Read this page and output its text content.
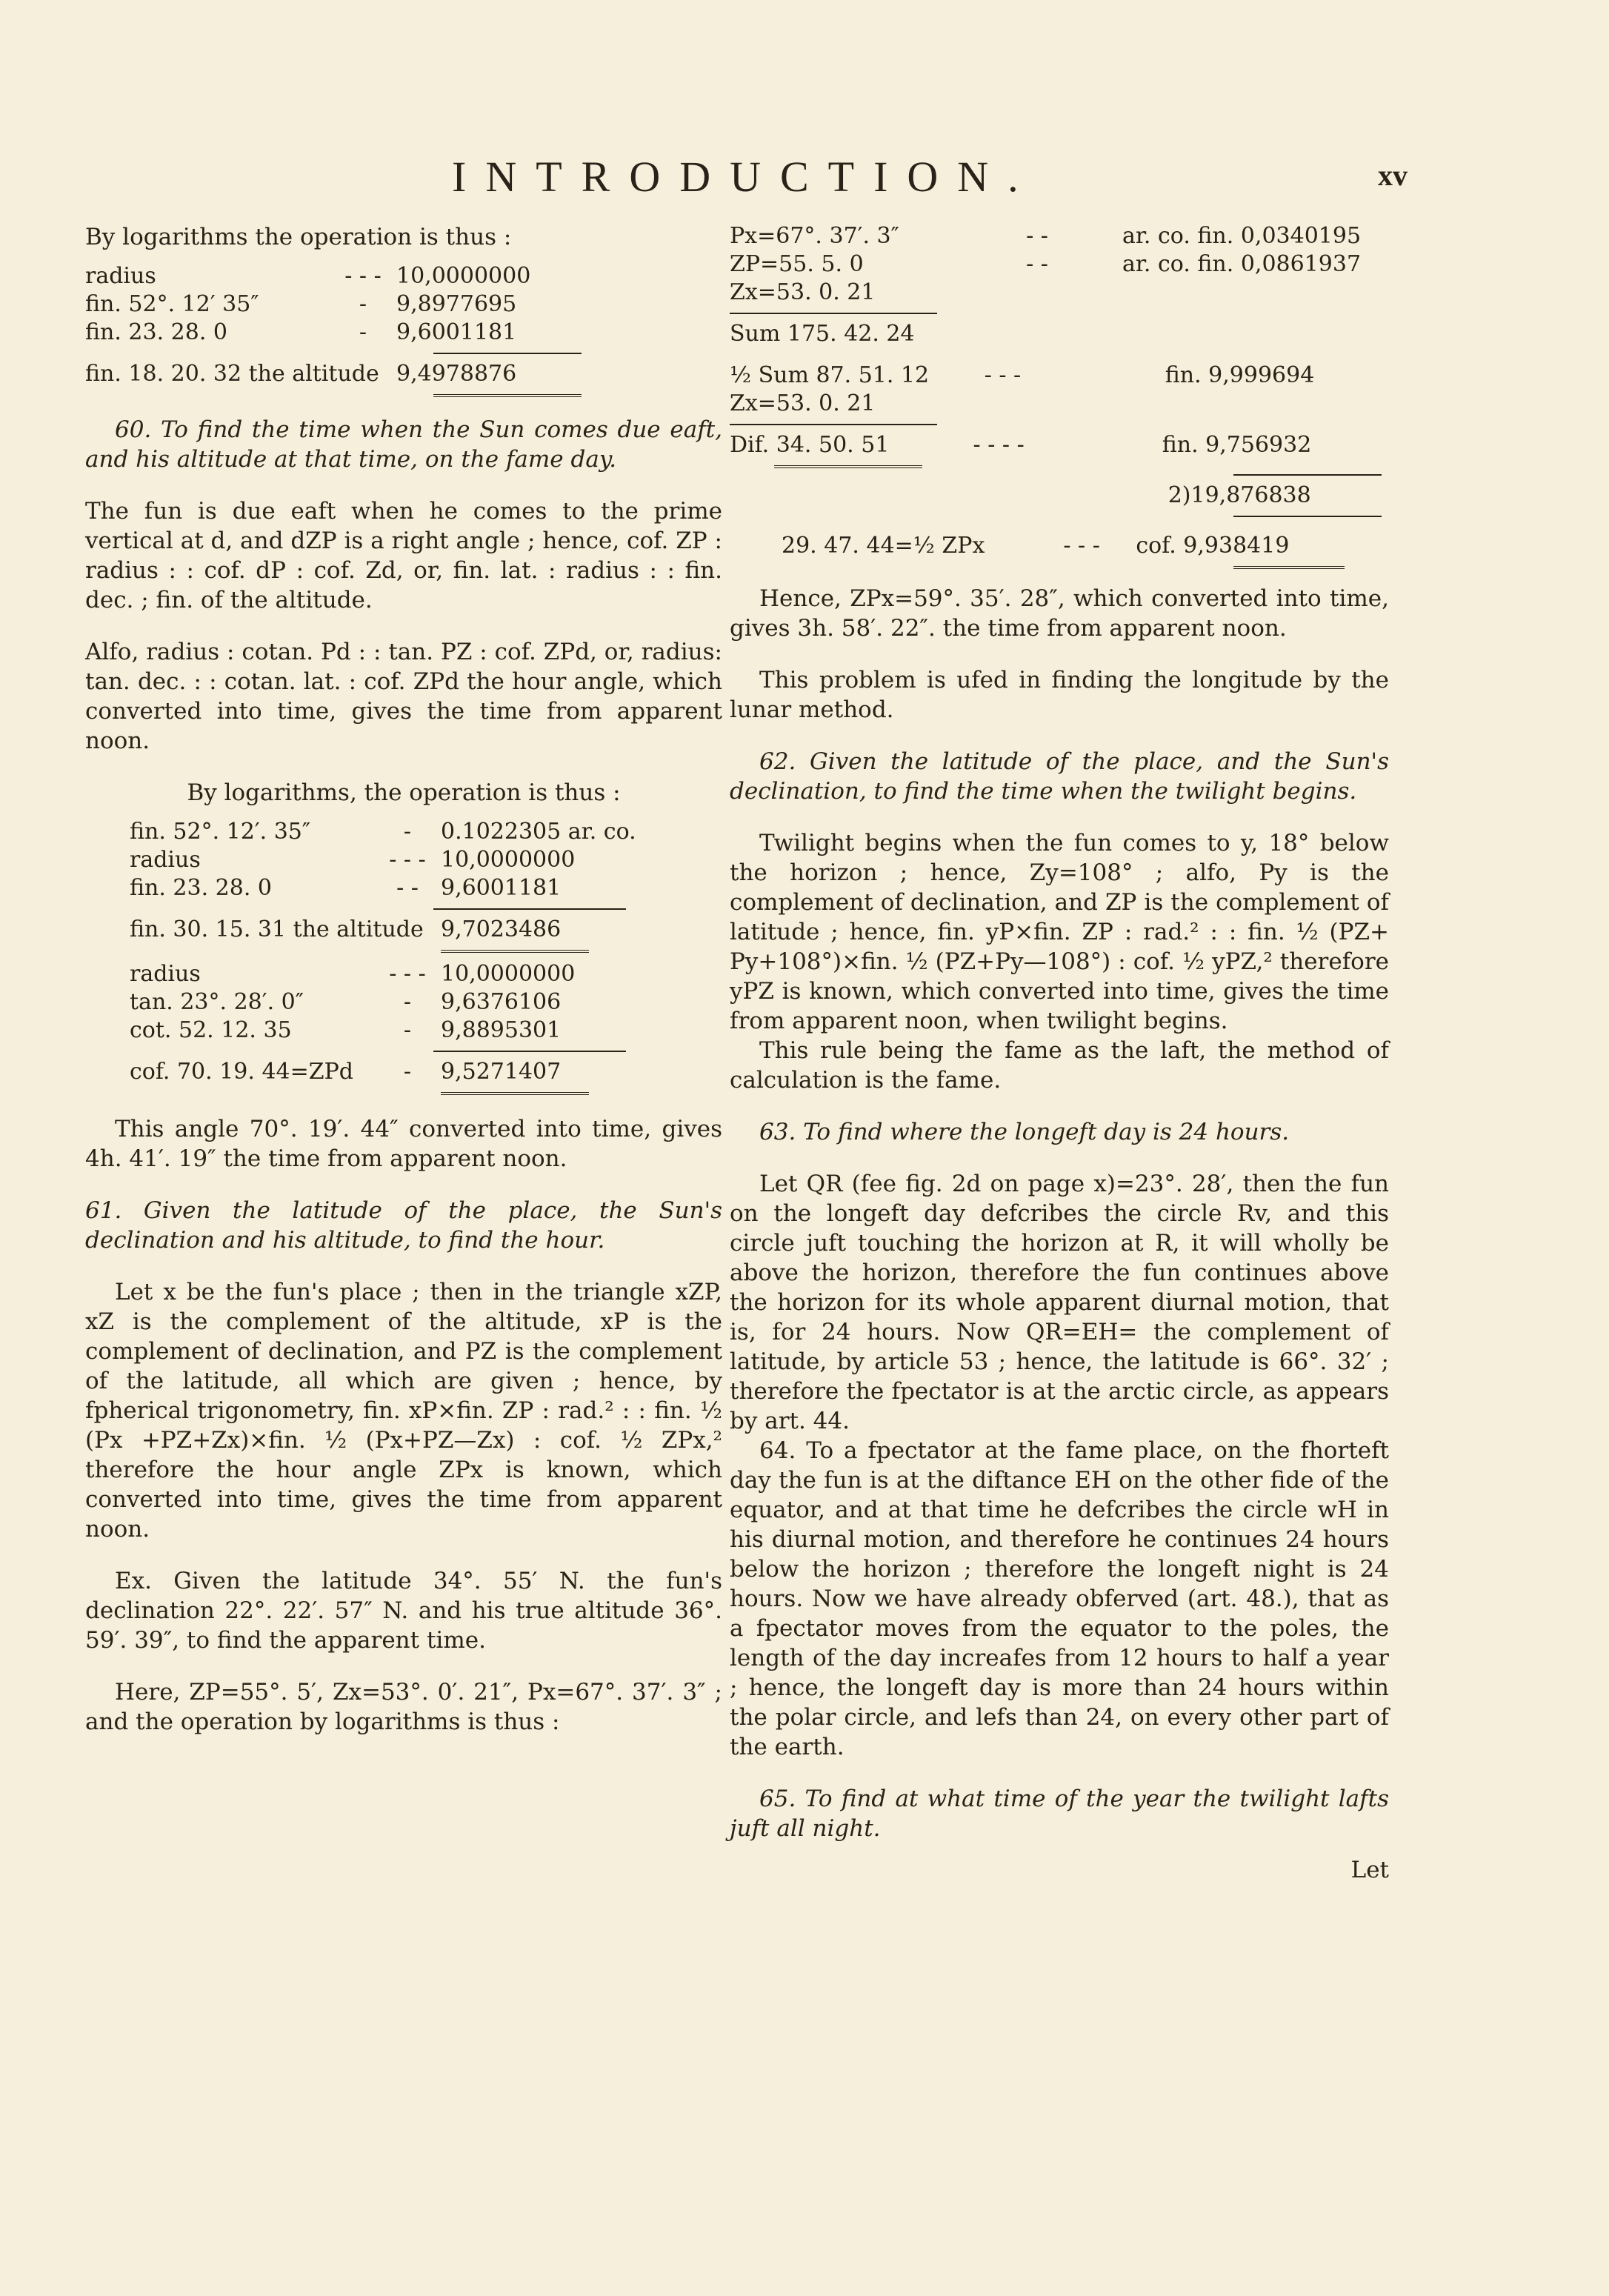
INTRODUCTION.	xv

By logarithms the operation is thus :

radius	- - - 10,0000000
fin. 52°. 12′ 35″	-	9,8977695
fin. 23. 28. 0	-	9,6001181
fin. 18. 20. 32 the altitude 9,4978876

60. To find the time when the Sun comes due eaft, and his altitude at that time, on the fame day.

The fun is due eaft when he comes to the prime vertical at d, and dZP is a right angle ; hence, cof. ZP : radius : : cof. dP : cof. Zd, or, fin. lat. : radius : : fin. dec. ; fin. of the altitude.

Alfo, radius : cotan. Pd : : tan. PZ : cof. ZPd, or, radius: tan. dec. : : cotan. lat. : cof. ZPd the hour angle, which converted into time, gives the time from apparent noon.

By logarithms, the operation is thus :

fin. 52°. 12′. 35″	-	0.1022305 ar. co.
radius	- - - 10,0000000
fin. 23. 28. 0	- -	9,6001181
fin. 30. 15. 31 the altitude 9,7023486
radius	- - - 10,0000000
tan. 23°. 28′. 0″	-	9,6376106
cot. 52. 12. 35	-	9,8895301
cof. 70. 19. 44=ZPd	-	9,5271407

This angle 70°. 19′. 44″ converted into time, gives 4h. 41′. 19″ the time from apparent noon.

61. Given the latitude of the place, the Sun's declination and his altitude, to find the hour.

Let x be the fun's place ; then in the triangle xZP, xZ is the complement of the altitude, xP is the complement of declination, and PZ is the complement of the latitude, all which are given ; hence, by fpherical trigonometry, fin. xP×fin. ZP : rad.² : : fin. ½ (Px +PZ+Zx)×fin. ½ (Px+PZ—Zx) : cof. ½ ZPx,² therefore the hour angle ZPx is known, which converted into time, gives the time from apparent noon.

Ex. Given the latitude 34°. 55′ N. the fun's declination 22°. 22′. 57″ N. and his true altitude 36°. 59′. 39″, to find the apparent time.

Here, ZP=55°. 5′, Zx=53°. 0′. 21″, Px=67°. 37′. 3″ ; and the operation by logarithms is thus :

Px=67°. 37′. 3″	- -	ar. co. fin. 0,0340195
ZP=55. 5. 0	- -	ar. co. fin. 0,0861937
Zx=53. 0. 21
Sum 175. 42. 24
½ Sum 87. 51. 12	- - -	fin. 9,999694
Zx=53. 0. 21
Dif. 34. 50. 51	- - - -	fin. 9,756932
2)19,876838
29. 47. 44=½ ZPx	- - -	cof. 9,938419

Hence, ZPx=59°. 35′. 28″, which converted into time, gives 3h. 58′. 22″. the time from apparent noon.

This problem is ufed in finding the longitude by the lunar method.

62. Given the latitude of the place, and the Sun's declination, to find the time when the twilight begins.

Twilight begins when the fun comes to y, 18° below the horizon ; hence, Zy=108° ; alfo, Py is the complement of declination, and ZP is the complement of latitude ; hence, fin. yP×fin. ZP : rad.² : : fin. ½ (PZ+ Py+108°)×fin. ½ (PZ+Py—108°) : cof. ½ yPZ,² therefore yPZ is known, which converted into time, gives the time from apparent noon, when twilight begins.

This rule being the fame as the laft, the method of calculation is the fame.

63. To find where the longeft day is 24 hours.

Let QR (fee fig. 2d on page x)=23°. 28′, then the fun on the longeft day defcribes the circle Rv, and this circle juft touching the horizon at R, it will wholly be above the horizon, therefore the fun continues above the horizon for its whole apparent diurnal motion, that is, for 24 hours. Now QR=EH= the complement of latitude, by article 53 ; hence, the latitude is 66°. 32′ ; therefore the fpectator is at the arctic circle, as appears by art. 44.

64. To a fpectator at the fame place, on the fhorteft day the fun is at the diftance EH on the other fide of the equator, and at that time he defcribes the circle wH in his diurnal motion, and therefore he continues 24 hours below the horizon ; therefore the longeft night is 24 hours. Now we have already obferved (art. 48.), that as a fpectator moves from the equator to the poles, the length of the day increafes from 12 hours to half a year ; hence, the longeft day is more than 24 hours within the polar circle, and lefs than 24, on every other part of the earth.

65. To find at what time of the year the twilight lafts juft all night.

Let
